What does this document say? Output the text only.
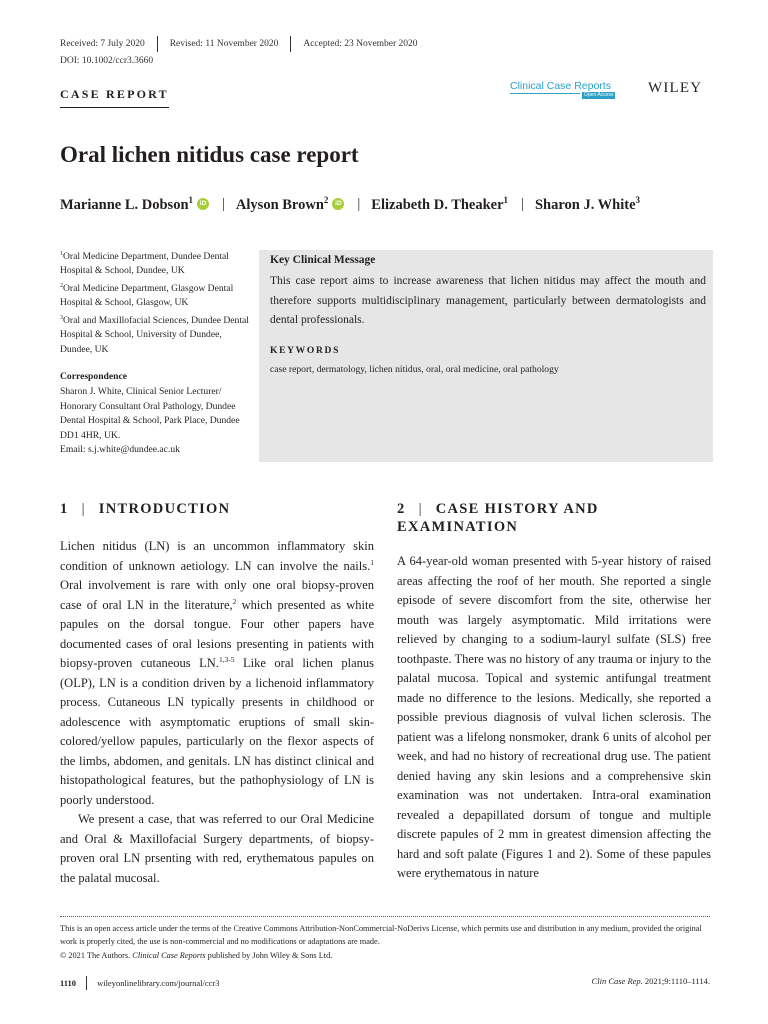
Received: 7 July 2020	Revised: 11 November 2020	Accepted: 23 November 2020
DOI: 10.1002/ccr3.3660
CASE REPORT
Clinical Case Reports
Open Access WILEY
Oral lichen nitidus case report
Marianne L. Dobson$^1$	iD | Alyson Brown$^2$	iD | Elizabeth D. Theaker$^1$ | Sharon J. White$^3$
$^1$Oral Medicine Department, Dundee Dental Hospital & School, Dundee, UK
$^2$Oral Medicine Department, Glasgow Dental Hospital & School, Glasgow, UK
$^3$Oral and Maxillofacial Sciences, Dundee Dental Hospital & School, University of Dundee, Dundee, UK
Correspondence
Sharon J. White, Clinical Senior Lecturer/ Honorary Consultant Oral Pathology, Dundee Dental Hospital & School, Park Place, Dundee DD1 4HR, UK.
Email: s.j.white@dundee.ac.uk
Key Clinical Message
This case report aims to increase awareness that lichen nitidus may affect the mouth and therefore supports multidisciplinary management, particularly between dermatologists and dental professionals.
KEYWORDS
case report, dermatology, lichen nitidus, oral, oral medicine, oral pathology
1 | INTRODUCTION
Lichen nitidus (LN) is an uncommon inflammatory skin condition of unknown aetiology. LN can involve the nails.$^1$ Oral involvement is rare with only one oral biopsy-proven case of oral LN in the literature,$^2$ which presented as white papules on the dorsal tongue. Four other papers have documented cases of oral lesions presenting in patients with biopsy-proven cutaneous LN.$^{1,3-5}$ Like oral lichen planus (OLP), LN is a condition driven by a lichenoid inflammatory process. Cutaneous LN typically presents in childhood or adolescence with asymptomatic eruptions of small skin-colored/yellow papules, particularly on the flexor aspects of the limbs, abdomen, and genitals. LN has distinct clinical and histopathological features, but the pathophysiology of LN is poorly understood.
We present a case, that was referred to our Oral Medicine and Oral & Maxillofacial Surgery departments, of biopsy-proven oral LN prsenting with red, erythematous papules on the palatal mucosal.
2 | CASE HISTORY AND
EXAMINATION
A 64-year-old woman presented with 5-year history of raised areas affecting the roof of her mouth. She reported a single episode of severe discomfort from the site, otherwise her mouth was largely asymptomatic. Mild irritations were relieved by changing to a sodium-lauryl sulfate (SLS) free toothpaste. There was no history of any trauma or injury to the palatal mucosa. Topical and systemic antifungal treatment made no difference to the lesions. Medically, she reported a possible previous diagnosis of vulval lichen sclerosis. The patient was a lifelong nonsmoker, drank 6 units of alcohol per week, and had no history of recreational drug use. The patient denied having any skin lesions and a comprehensive skin examination was not undertaken. Intra-oral examination revealed a depapillated dorsum of tongue and multiple discrete papules of 2 mm in greatest dimension affecting the hard and soft palate (Figures 1 and 2). Some of these papules were erythematous in nature
This is an open access article under the terms of the Creative Commons Attribution-NonCommercial-NoDerivs License, which permits use and distribution in any medium, provided the original work is properly cited, the use is non-commercial and no modifications or adaptations are made.
© 2021 The Authors. Clinical Case Reports published by John Wiley & Sons Ltd.
1110 wileyonlinelibrary.com/journal/ccr3	Clin Case Rep. 2021;9:1110–1114.
